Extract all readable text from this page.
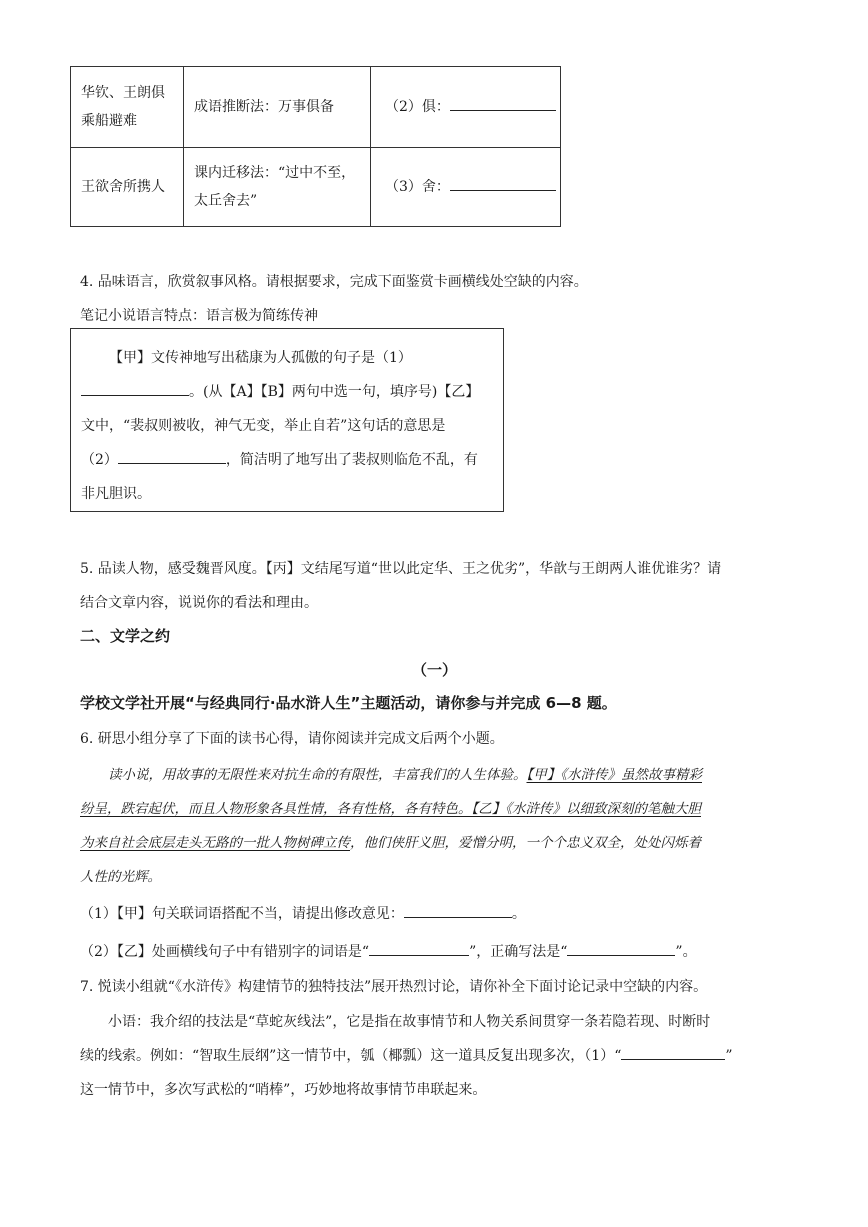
华钦、王朗俱
乘船避难	成语推断法：万事俱备	（2）俱：
王欲舍所携人	课内迁移法：“过中不至，
太丘舍去”	（3）舍：
4. 品味语言，欣赏叙事风格。请根据要求，完成下面鉴赏卡画横线处空缺的内容。
笔记小说语言特点：语言极为简练传神
【甲】文传神地写出嵇康为人孤傲的句子是（1）
。(从【A】【B】两句中选一句，填序号)【乙】
文中，“裴叔则被收，神气无变，举止自若”这句话的意思是
（2）	，简洁明了地写出了裴叔则临危不乱，有
非凡胆识。
5. 品读人物，感受魏晋风度。【丙】文结尾写道“世以此定华、王之优劣”，华歆与王朗两人谁优谁劣？请
结合文章内容，说说你的看法和理由。
二、文学之约
（一）
学校文学社开展“与经典同行·品水浒人生”主题活动，请你参与并完成 6—8 题。
6. 研思小组分享了下面的读书心得，请你阅读并完成文后两个小题。
读小说，用故事的无限性来对抗生命的有限性，丰富我们的人生体验。【甲】《水浒传》虽然故事精彩
纷呈，跌宕起伏，而且人物形象各具性情，各有性格，各有特色。【乙】《水浒传》以细致深刻的笔触大胆
为来自社会底层走头无路的一批人物树碑立传，他们侠肝义胆，爱憎分明，一个个忠义双全，处处闪烁着
人性的光辉。
（1）【甲】句关联词语搭配不当，请提出修改意见：	。
（2）【乙】处画横线句子中有错别字的词语是“	”，正确写法是“	”。
7. 悦读小组就“《水浒传》构建情节的独特技法”展开热烈讨论，请你补全下面讨论记录中空缺的内容。
小语：我介绍的技法是“草蛇灰线法”，它是指在故事情节和人物关系间贯穿一条若隐若现、时断时
续的线索。例如：“智取生辰纲”这一情节中，瓠（椰瓢）这一道具反复出现多次，（1）“	”
这一情节中，多次写武松的“哨棒”，巧妙地将故事情节串联起来。
